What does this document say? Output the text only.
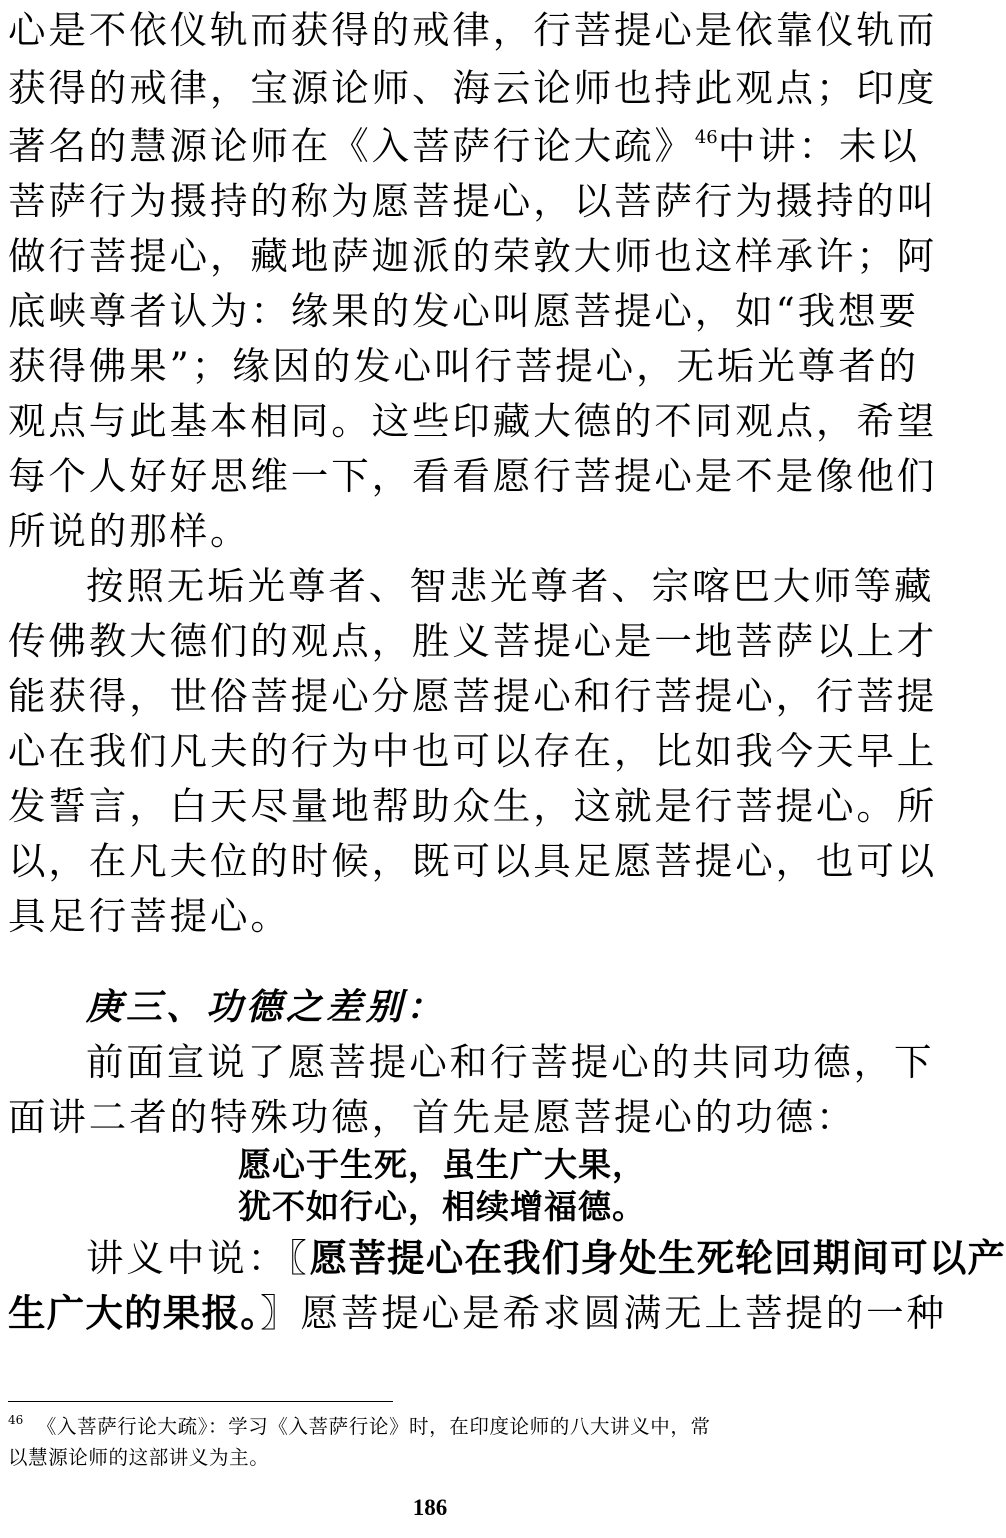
心是不依仪轨而获得的戒律，行菩提心是依靠仪轨而
获得的戒律，宝源论师、海云论师也持此观点；印度
著名的慧源论师在《入菩萨行论大疏》$^{46}$中讲：未以
菩萨行为摄持的称为愿菩提心，以菩萨行为摄持的叫
做行菩提心，藏地萨迦派的荣敦大师也这样承许；阿
底峡尊者认为：缘果的发心叫愿菩提心，如“我想要
获得佛果”；缘因的发心叫行菩提心，无垢光尊者的
观点与此基本相同。这些印藏大德的不同观点，希望
每个人好好思维一下，看看愿行菩提心是不是像他们
所说的那样。
按照无垢光尊者、智悲光尊者、宗喀巴大师等藏
传佛教大德们的观点，胜义菩提心是一地菩萨以上才
能获得，世俗菩提心分愿菩提心和行菩提心，行菩提
心在我们凡夫的行为中也可以存在，比如我今天早上
发誓言，白天尽量地帮助众生，这就是行菩提心。所
以，在凡夫位的时候，既可以具足愿菩提心，也可以
具足行菩提心。
庚三、功德之差别：
前面宣说了愿菩提心和行菩提心的共同功德，下
面讲二者的特殊功德，首先是愿菩提心的功德：
愿心于生死，虽生广大果，
犹不如行心，相续增福德。
讲义中说：〖愿菩提心在我们身处生死轮回期间可以产
生广大的果报。〗愿菩提心是希求圆满无上菩提的一种
$^{46}$ 《入菩萨行论大疏》：学习《入菩萨行论》时，在印度论师的八大讲义中，常
以慧源论师的这部讲义为主。
186
